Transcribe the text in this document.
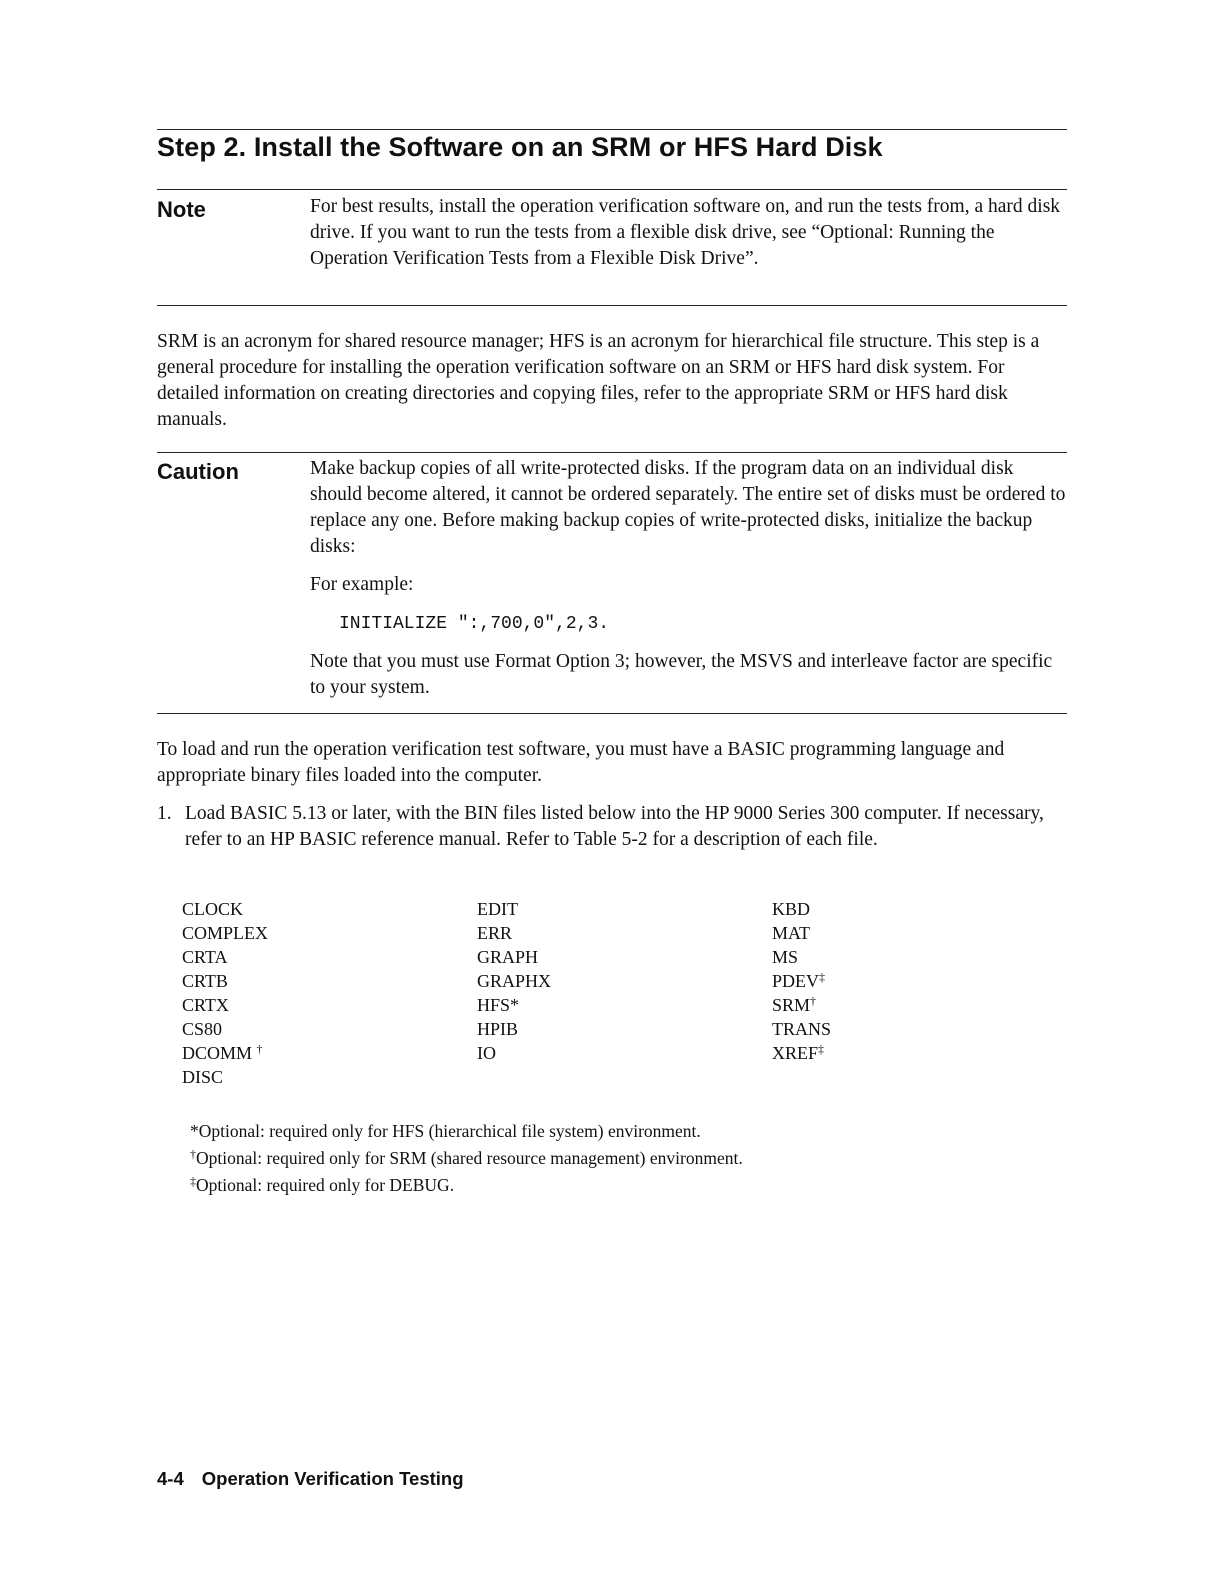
Step 2. Install the Software on an SRM or HFS Hard Disk
Note	For best results, install the operation verification software on, and run the tests from, a hard disk drive. If you want to run the tests from a flexible disk drive, see “Optional: Running the Operation Verification Tests from a Flexible Disk Drive”.

SRM is an acronym for shared resource manager; HFS is an acronym for hierarchical file structure. This step is a general procedure for installing the operation verification software on an SRM or HFS hard disk system. For detailed information on creating directories and copying files, refer to the appropriate SRM or HFS hard disk manuals.

Caution	Make backup copies of all write-protected disks. If the program data on an individual disk should become altered, it cannot be ordered separately. The entire set of disks must be ordered to replace any one. Before making backup copies of write-protected disks, initialize the backup disks:

For example:

INITIALIZE ":,700,0",2,3.

Note that you must use Format Option 3; however, the MSVS and interleave factor are specific to your system.

To load and run the operation verification test software, you must have a BASIC programming language and appropriate binary files loaded into the computer.

1. Load BASIC 5.13 or later, with the BIN files listed below into the HP 9000 Series 300 computer. If necessary, refer to an HP BASIC reference manual. Refer to Table 5-2 for a description of each file.

CLOCK
COMPLEX
CRTA
CRTB
CRTX
CS80
DCOMM †
DISC
EDIT
ERR
GRAPH
GRAPHX
HFS*
HPIB
IO
KBD
MAT
MS
PDEV‡
SRM†
TRANS
XREF‡
*Optional: required only for HFS (hierarchical file system) environment.
†Optional: required only for SRM (shared resource management) environment.
‡Optional: required only for DEBUG.
4-4 Operation Verification Testing
